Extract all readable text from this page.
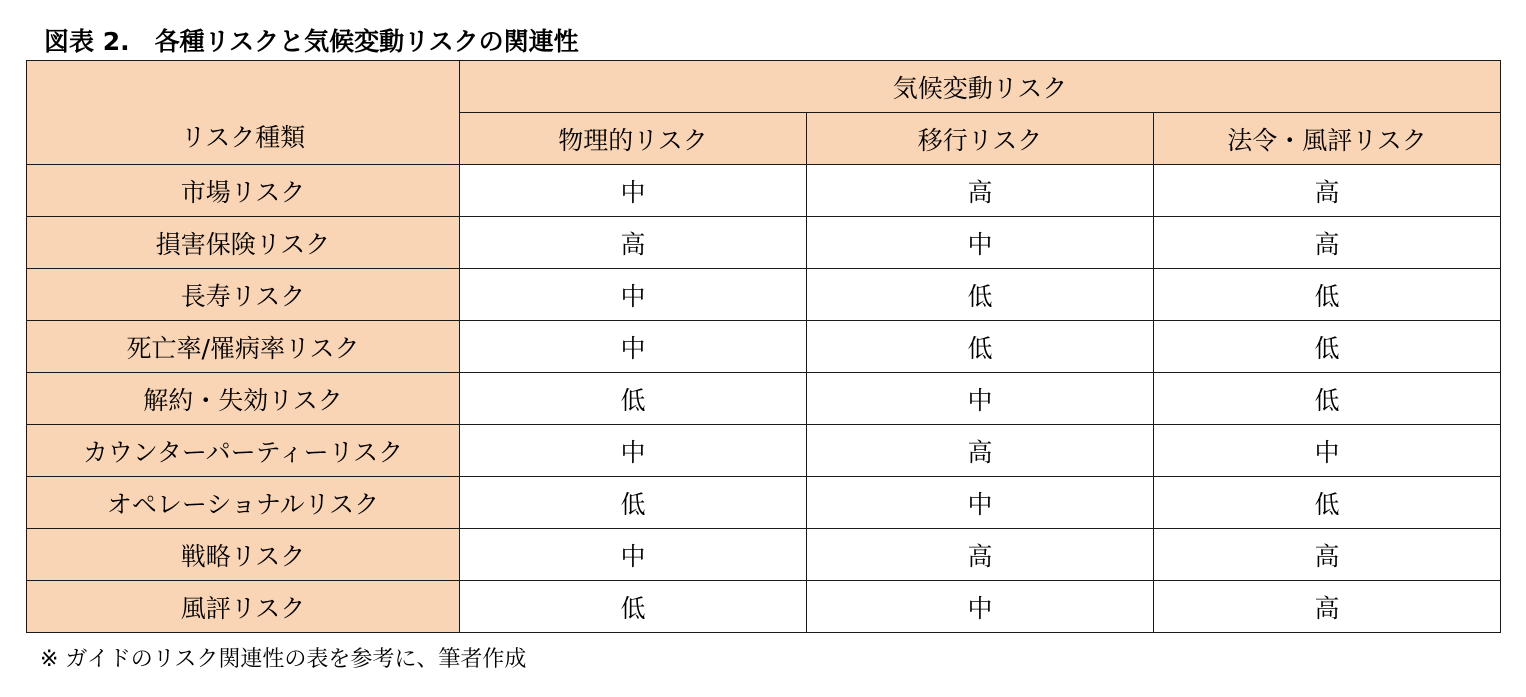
図表 2.　各種リスクと気候変動リスクの関連性
リスク種類	気候変動リスク		
	物理的リスク	移行リスク	法令・風評リスク
市場リスク	中	高	高
損害保険リスク	高	中	高
長寿リスク	中	低	低
死亡率/罹病率リスク	中	低	低
解約・失効リスク	低	中	低
カウンターパーティーリスク	中	高	中
オペレーショナルリスク	低	中	低
戦略リスク	中	高	高
風評リスク	低	中	高
※ ガイドのリスク関連性の表を参考に、筆者作成
